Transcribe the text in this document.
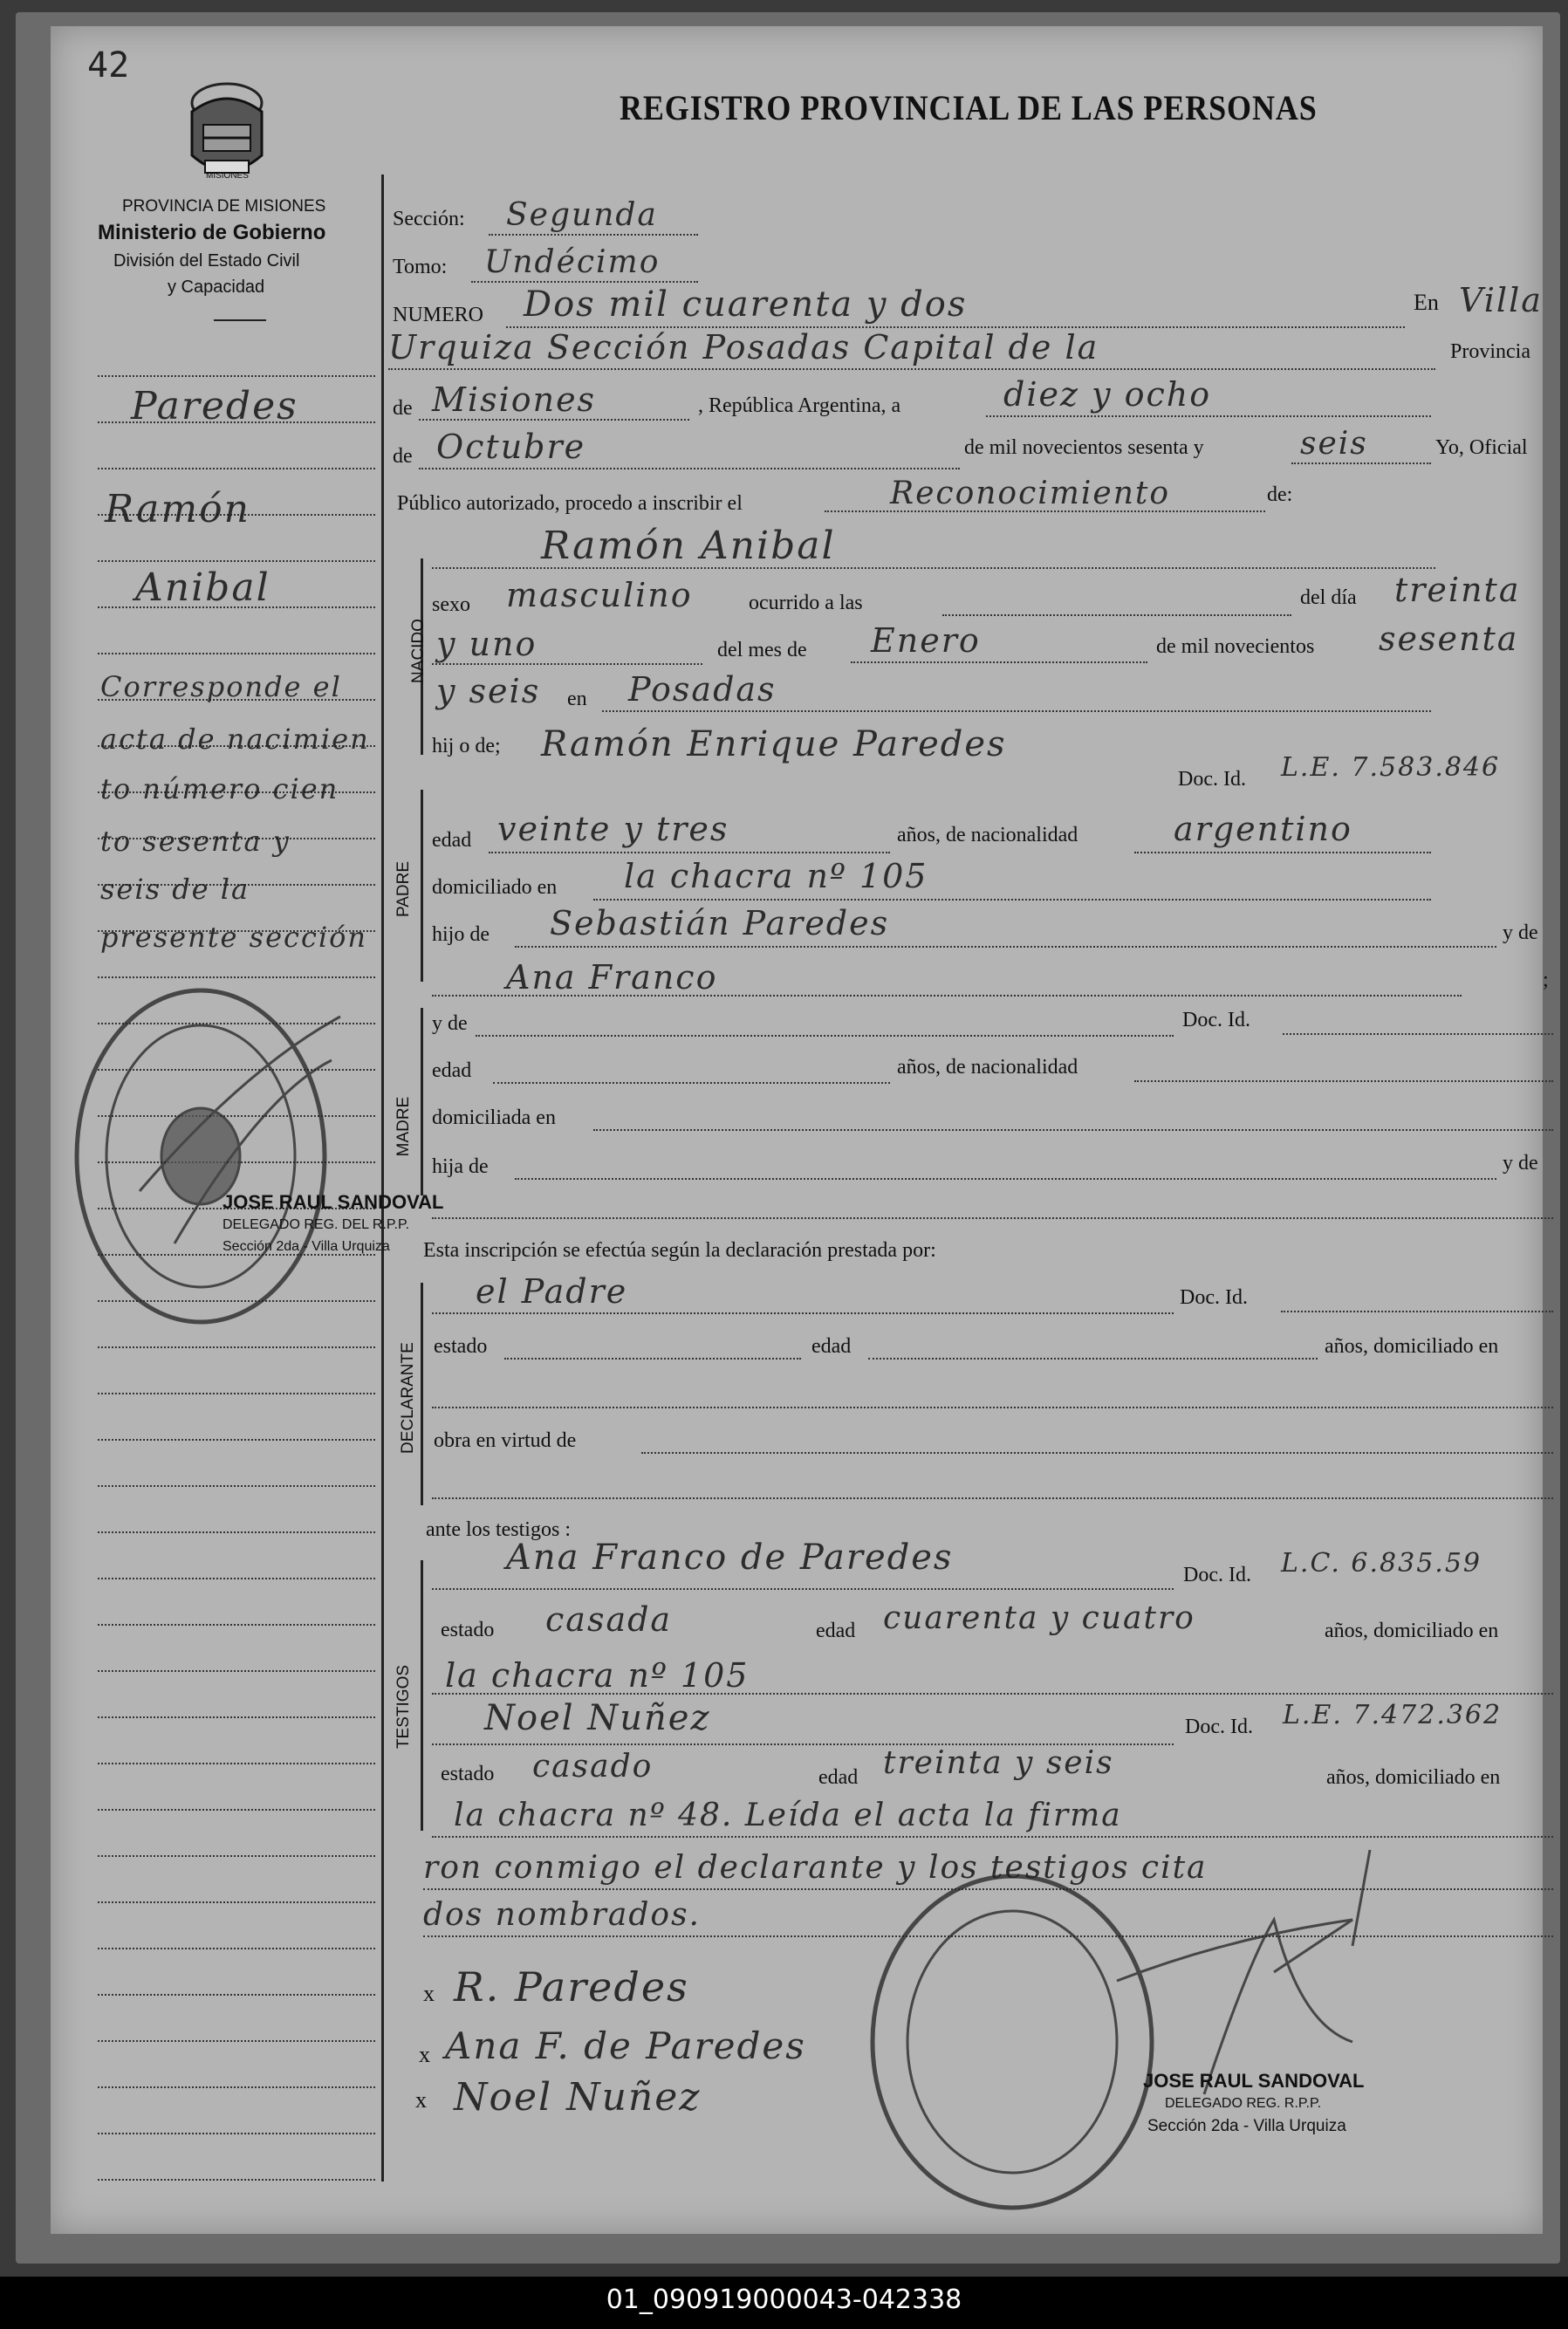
42
MISIONES
REGISTRO PROVINCIAL DE LAS PERSONAS
PROVINCIA DE MISIONES
Ministerio de Gobierno
División del Estado Civil
y Capacidad
Paredes
Ramón
Anibal
Corresponde el
acta de nacimien
to número cien
to sesenta y
seis de la
presente sección
Sección: Segunda
Tomo: Undécimo
NUMERO Dos mil cuarenta y dos	En Villa
Urquiza Sección Posadas Capital de la	Provincia
de Misiones	, República Argentina, a	diez y ocho
de Octubre	de mil novecientos sesenta y	seis	Yo, Oficial
Público autorizado, procedo a inscribir el	Reconocimiento	de:
Ramón Anibal
NACIDO
sexo masculino	ocurrido a las	del día treinta
y uno	del mes de Enero	de mil novecientos sesenta
y seis en Posadas
hij o de; Ramón Enrique Paredes
Doc. Id. L.E. 7.583.846
PADRE
edad veinte y tres	años, de nacionalidad	argentino
domiciliado en la chacra nº 105
hijo de Sebastián Paredes	y de
Ana Franco	;
MADRE
y de	Doc. Id.
edad	años, de nacionalidad
domiciliada en
hija de	y de
Esta inscripción se efectúa según la declaración prestada por:
DECLARANTE
el Padre	Doc. Id.
estado	edad	años, domiciliado en
obra en virtud de
ante los testigos :
TESTIGOS
Ana Franco de Paredes	Doc. Id. L.C. 6.835.59
estado casada	edad cuarenta y cuatro	años, domiciliado en
la chacra nº 105
Noel Nuñez	Doc. Id. L.E. 7.472.362
estado casado	edad treinta y seis	años, domiciliado en
la chacra nº 48. Leída el acta la firma
ron conmigo el declarante y los testigos cita
dos nombrados.
x R. Paredes
x Ana F. de Paredes
x Noel Nuñez
JOSE RAUL SANDOVAL
DELEGADO REG. DEL R.P.P.
Sección 2da - Villa Urquiza
JOSE RAUL SANDOVAL
DELEGADO REG. R.P.P.
Sección 2da - Villa Urquiza
01_090919000043-042338
